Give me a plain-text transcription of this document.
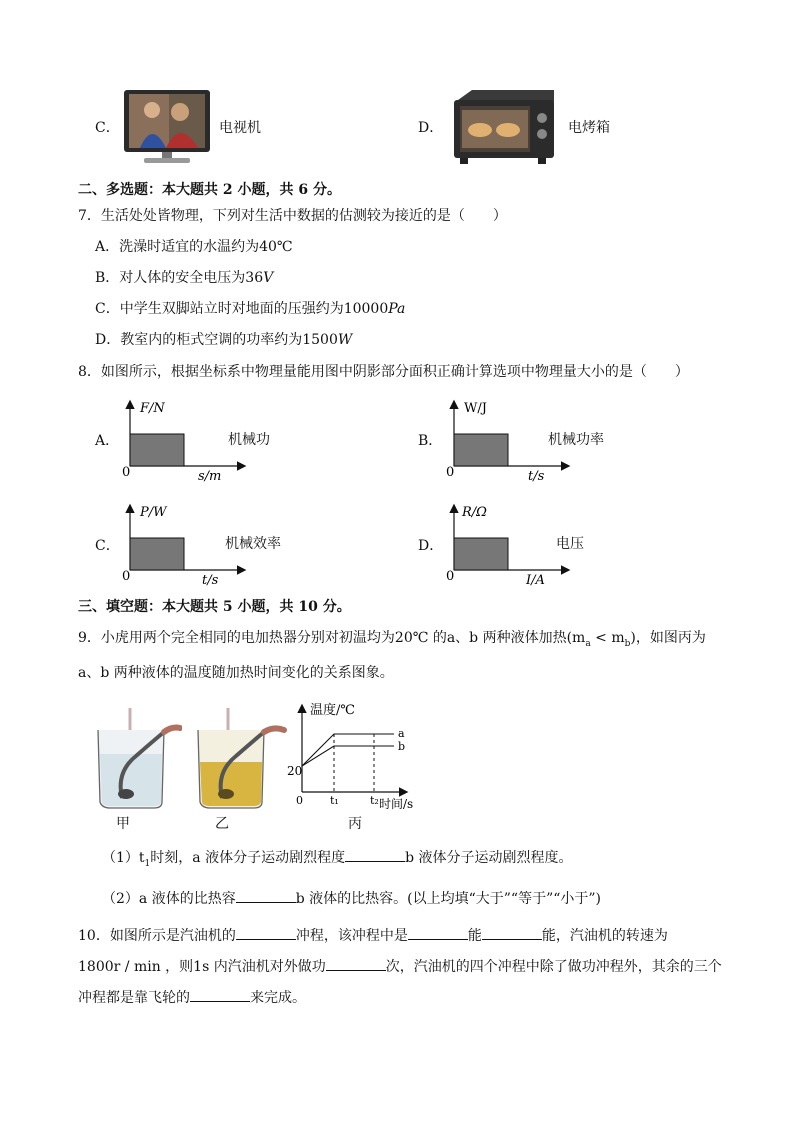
C．	电视机	D．	电烤箱
二、多选题：本大题共 2 小题，共 6 分。
7．生活处处皆物理，下列对生活中数据的估测较为接近的是（　　）
A．洗澡时适宜的水温约为40℃
B．对人体的安全电压为36V
C．中学生双脚站立时对地面的压强约为10000Pa
D．教室内的柜式空调的功率约为1500W
8．如图所示，根据坐标系中物理量能用图中阴影部分面积正确计算选项中物理量大小的是（　　）
A．
F/N
0	s/m
机械功	B．
W/J
0	t/s
机械功率
C．
P/W
0	t/s
机械效率	D．
R/Ω
0	I/A
电压
三、填空题：本大题共 5 小题，共 10 分。
9．小虎用两个完全相同的电加热器分别对初温均为20℃ 的a、b 两种液体加热$(m_a < m_b)$，如图丙为
a、b 两种液体的温度随加热时间变化的关系图象。
温度/℃
a
b
20
0 t₁	t₂ 时间/s
甲	乙	丙
$(1)t_1$时刻，a 液体分子运动剧烈程度	b 液体分子运动剧烈程度。
（2）a 液体的比热容	b 液体的比热容。(以上均填“大于”“等于”“小于”)
10．如图所示是汽油机的	冲程，该冲程中是	能	能，汽油机的转速为
1800r / min ，则1s 内汽油机对外做功	次，汽油机的四个冲程中除了做功冲程外，其余的三个
冲程都是靠飞轮的	来完成。
